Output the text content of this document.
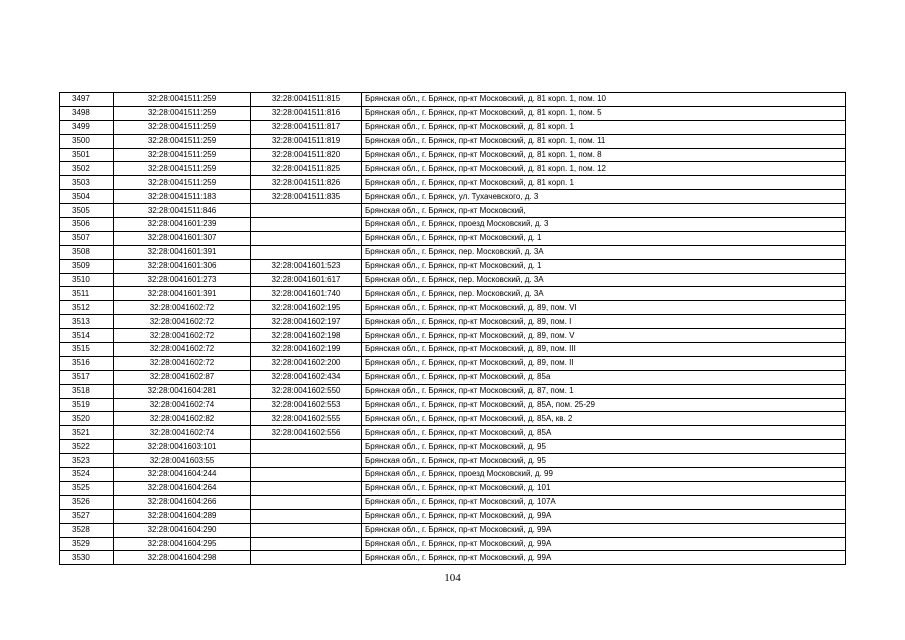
3497	32:28:0041511:259	32:28:0041511:815	Брянская обл., г. Брянск, пр-кт Московский, д. 81 корп. 1, пом. 10
3498	32:28:0041511:259	32:28:0041511:816	Брянская обл., г. Брянск, пр-кт Московский, д. 81 корп. 1, пом. 5
3499	32:28:0041511:259	32:28:0041511:817	Брянская обл., г. Брянск, пр-кт Московский, д. 81 корп. 1
3500	32:28:0041511:259	32:28:0041511:819	Брянская обл., г. Брянск, пр-кт Московский, д. 81 корп. 1, пом. 11
3501	32:28:0041511:259	32:28:0041511:820	Брянская обл., г. Брянск, пр-кт Московский, д. 81 корп. 1, пом. 8
3502	32:28:0041511:259	32:28:0041511:825	Брянская обл., г. Брянск, пр-кт Московский, д. 81 корп. 1, пом. 12
3503	32:28:0041511:259	32:28:0041511:826	Брянская обл., г. Брянск, пр-кт Московский, д. 81 корп. 1
3504	32:28:0041511:183	32:28:0041511:835	Брянская обл., г. Брянск, ул. Тухачевского, д. 3
3505	32:28:0041511:846		Брянская обл., г. Брянск, пр-кт Московский,
3506	32:28:0041601:239		Брянская обл., г. Брянск, проезд Московский, д. 3
3507	32:28:0041601:307		Брянская обл., г. Брянск, пр-кт Московский, д. 1
3508	32:28:0041601:391		Брянская обл., г. Брянск, пер. Московский, д. 3А
3509	32:28:0041601:306	32:28:0041601:523	Брянская обл., г. Брянск, пр-кт Московский, д. 1
3510	32:28:0041601:273	32:28:0041601:617	Брянская обл., г. Брянск, пер. Московский, д. 3А
3511	32:28:0041601:391	32:28:0041601:740	Брянская обл., г. Брянск, пер. Московский, д. 3А
3512	32:28:0041602:72	32:28:0041602:195	Брянская обл., г. Брянск, пр-кт Московский, д. 89, пом. VI
3513	32:28:0041602:72	32:28:0041602:197	Брянская обл., г. Брянск, пр-кт Московский, д. 89, пом. I
3514	32:28:0041602:72	32:28:0041602:198	Брянская обл., г. Брянск, пр-кт Московский, д. 89, пом. V
3515	32:28:0041602:72	32:28:0041602:199	Брянская обл., г. Брянск, пр-кт Московский, д. 89, пом. III
3516	32:28:0041602:72	32:28:0041602:200	Брянская обл., г. Брянск, пр-кт Московский, д. 89, пом. II
3517	32:28:0041602:87	32:28:0041602:434	Брянская обл., г. Брянск, пр-кт Московский, д. 85а
3518	32:28:0041604:281	32:28:0041602:550	Брянская обл., г. Брянск, пр-кт Московский, д. 87, пом. 1
3519	32:28:0041602:74	32:28:0041602:553	Брянская обл., г. Брянск, пр-кт Московский, д. 85А, пом. 25-29
3520	32:28:0041602:82	32:28:0041602:555	Брянская обл., г. Брянск, пр-кт Московский, д. 85А, кв. 2
3521	32:28:0041602:74	32:28:0041602:556	Брянская обл., г. Брянск, пр-кт Московский, д. 85А
3522	32:28:0041603:101		Брянская обл., г. Брянск, пр-кт Московский, д. 95
3523	32:28:0041603:55		Брянская обл., г. Брянск, пр-кт Московский, д. 95
3524	32:28:0041604:244		Брянская обл., г. Брянск, проезд Московский, д. 99
3525	32:28:0041604:264		Брянская обл., г. Брянск, пр-кт Московский, д. 101
3526	32:28:0041604:266		Брянская обл., г. Брянск, пр-кт Московский, д. 107А
3527	32:28:0041604:289		Брянская обл., г. Брянск, пр-кт Московский, д. 99А
3528	32:28:0041604:290		Брянская обл., г. Брянск, пр-кт Московский, д. 99А
3529	32:28:0041604:295		Брянская обл., г. Брянск, пр-кт Московский, д. 99А
3530	32:28:0041604:298		Брянская обл., г. Брянск, пр-кт Московский, д. 99А
104
